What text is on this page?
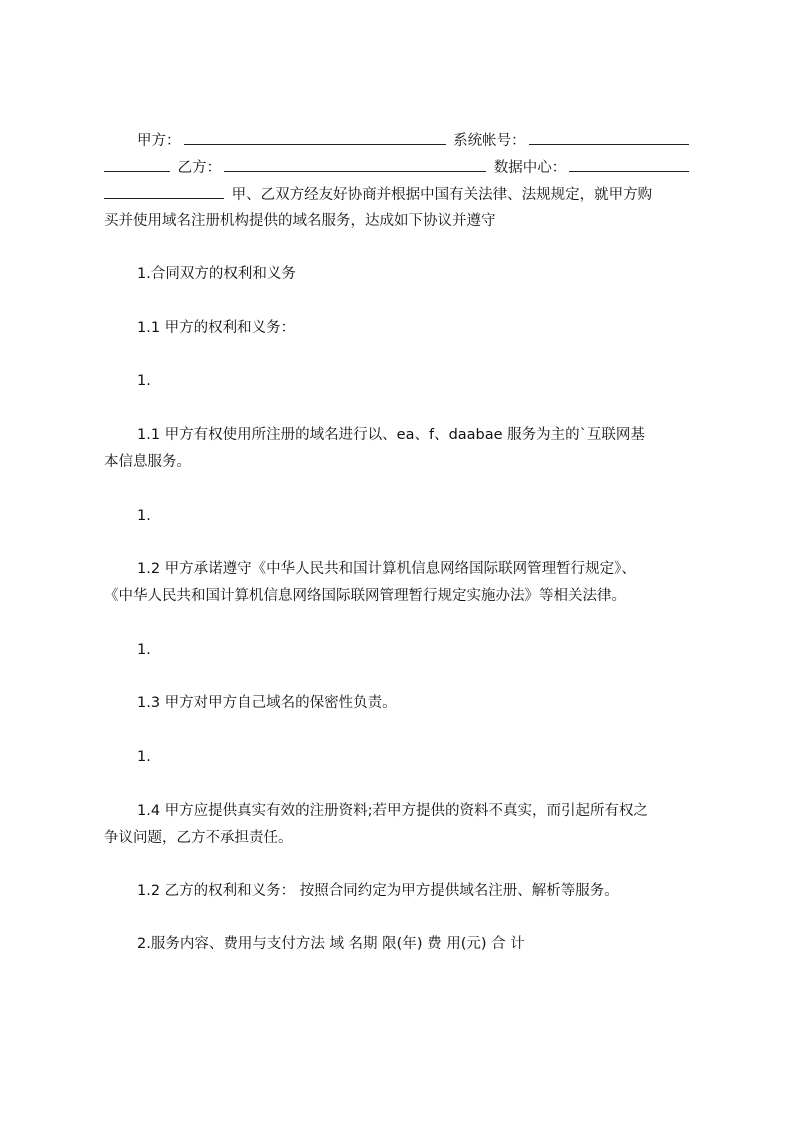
甲方：	系统帐号：
乙方：	数据中心：
甲、乙双方经友好协商并根据中国有关法律、法规规定，就甲方购
买并使用域名注册机构提供的域名服务，达成如下协议并遵守
1.合同双方的权利和义务
1.1 甲方的权利和义务：
1.
1.1 甲方有权使用所注册的域名进行以、ea、f、daabae 服务为主的`互联网基
本信息服务。
1.
1.2 甲方承诺遵守《中华人民共和国计算机信息网络国际联网管理暂行规定》、
《中华人民共和国计算机信息网络国际联网管理暂行规定实施办法》等相关法律。
1.
1.3 甲方对甲方自己域名的保密性负责。
1.
1.4 甲方应提供真实有效的注册资料;若甲方提供的资料不真实，而引起所有权之
争议问题，乙方不承担责任。
1.2 乙方的权利和义务： 按照合同约定为甲方提供域名注册、解析等服务。
2.服务内容、费用与支付方法 域 名期 限(年) 费 用(元) 合 计
